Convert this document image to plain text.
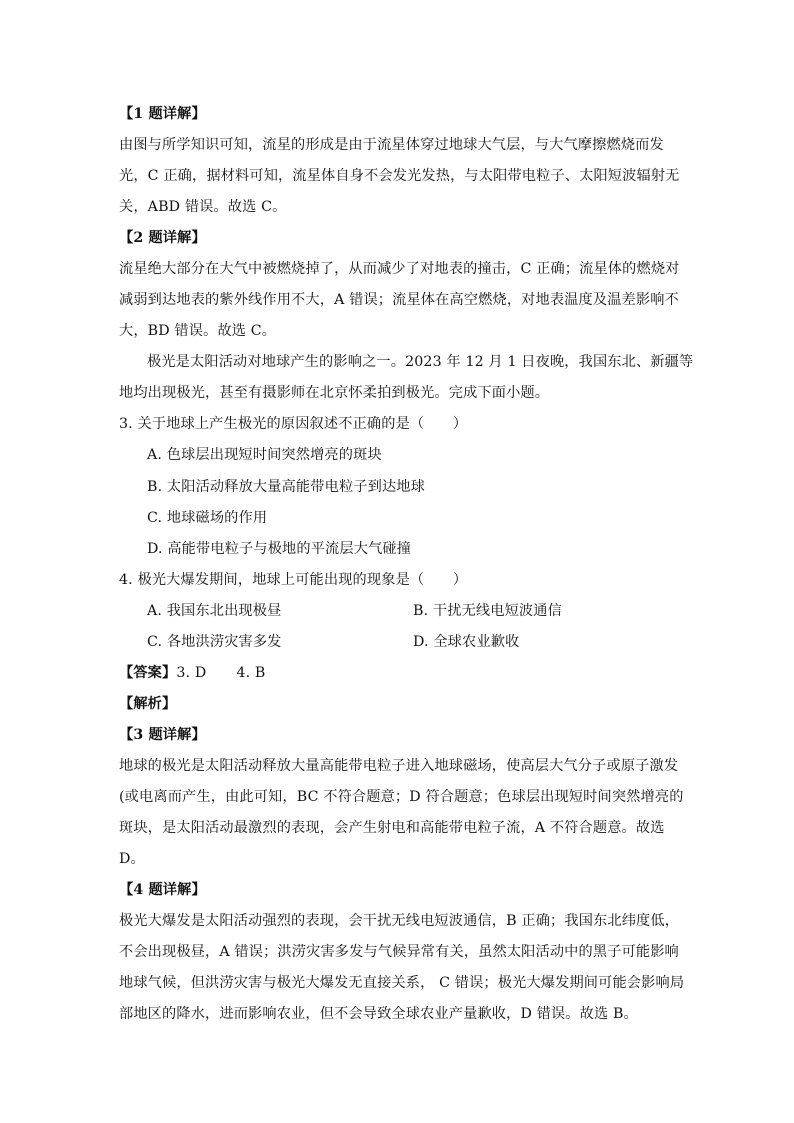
【1 题详解】
由图与所学知识可知，流星的形成是由于流星体穿过地球大气层，与大气摩擦燃烧而发
光，C 正确，据材料可知，流星体自身不会发光发热，与太阳带电粒子、太阳短波辐射无
关，ABD 错误。故选 C。
【2 题详解】
流星绝大部分在大气中被燃烧掉了，从而减少了对地表的撞击，C 正确；流星体的燃烧对
减弱到达地表的紫外线作用不大，A 错误；流星体在高空燃烧，对地表温度及温差影响不
大，BD 错误。故选 C。
极光是太阳活动对地球产生的影响之一。2023 年 12 月 1 日夜晚，我国东北、新疆等
地均出现极光，甚至有摄影师在北京怀柔拍到极光。完成下面小题。
3. 关于地球上产生极光的原因叙述不正确的是（　　）
A. 色球层出现短时间突然增亮的斑块
B. 太阳活动释放大量高能带电粒子到达地球
C. 地球磁场的作用
D. 高能带电粒子与极地的平流层大气碰撞
4. 极光大爆发期间，地球上可能出现的现象是（　　）
A. 我国东北出现极昼	B. 干扰无线电短波通信
C. 各地洪涝灾害多发	D. 全球农业歉收
【答案】3. D 4. B
【解析】
【3 题详解】
地球的极光是太阳活动释放大量高能带电粒子进入地球磁场，使高层大气分子或原子激发
(或电离而产生，由此可知，BC 不符合题意；D 符合题意；色球层出现短时间突然增亮的
斑块，是太阳活动最激烈的表现，会产生射电和高能带电粒子流，A 不符合题意。故选
D。
【4 题详解】
极光大爆发是太阳活动强烈的表现，会干扰无线电短波通信，B 正确；我国东北纬度低，
不会出现极昼，A 错误；洪涝灾害多发与气候异常有关，虽然太阳活动中的黑子可能影响
地球气候，但洪涝灾害与极光大爆发无直接关系， C 错误；极光大爆发期间可能会影响局
部地区的降水，进而影响农业，但不会导致全球农业产量歉收，D 错误。故选 B。
